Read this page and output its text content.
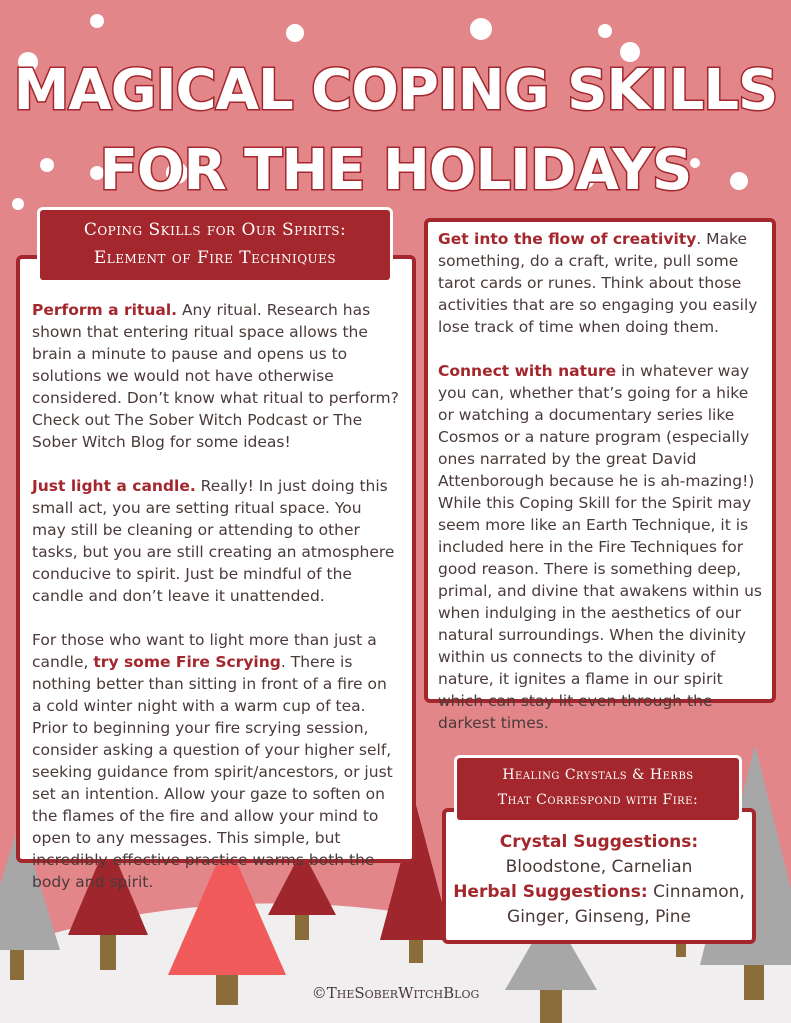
MAGICAL COPING SKILLS
FOR THE HOLIDAYS

Perform a ritual. Any ritual. Research has shown that entering ritual space allows the brain a minute to pause and opens us to solutions we would not have otherwise considered. Don’t know what ritual to perform? Check out The Sober Witch Podcast or The Sober Witch Blog for some ideas!

Just light a candle. Really! In just doing this small act, you are setting ritual space. You may still be cleaning or attending to other tasks, but you are still creating an atmosphere conducive to spirit. Just be mindful of the candle and don’t leave it unattended.

For those who want to light more than just a candle, try some Fire Scrying. There is nothing better than sitting in front of a fire on a cold winter night with a warm cup of tea. Prior to beginning your fire scrying session, consider asking a question of your higher self, seeking guidance from spirit/ancestors, or just set an intention. Allow your gaze to soften on the flames of the fire and allow your mind to open to any messages. This simple, but incredibly effective practice warms both the body and spirit.

Coping Skills for Our Spirits:
Element of Fire Techniques

Get into the flow of creativity. Make something, do a craft, write, pull some tarot cards or runes. Think about those activities that are so engaging you easily lose track of time when doing them.

Connect with nature in whatever way you can, whether that’s going for a hike or watching a documentary series like Cosmos or a nature program (especially ones narrated by the great David Attenborough because he is ah-mazing!) While this Coping Skill for the Spirit may seem more like an Earth Technique, it is included here in the Fire Techniques for good reason. There is something deep, primal, and divine that awakens within us when indulging in the aesthetics of our natural surroundings. When the divinity within us connects to the divinity of nature, it ignites a flame in our spirit which can stay lit even through the darkest times.

Crystal Suggestions:
Bloodstone, Carnelian
Herbal Suggestions: Cinnamon, Ginger, Ginseng, Pine
Healing Crystals & Herbs
That Correspond with Fire:
©TheSoberWitchBlog
